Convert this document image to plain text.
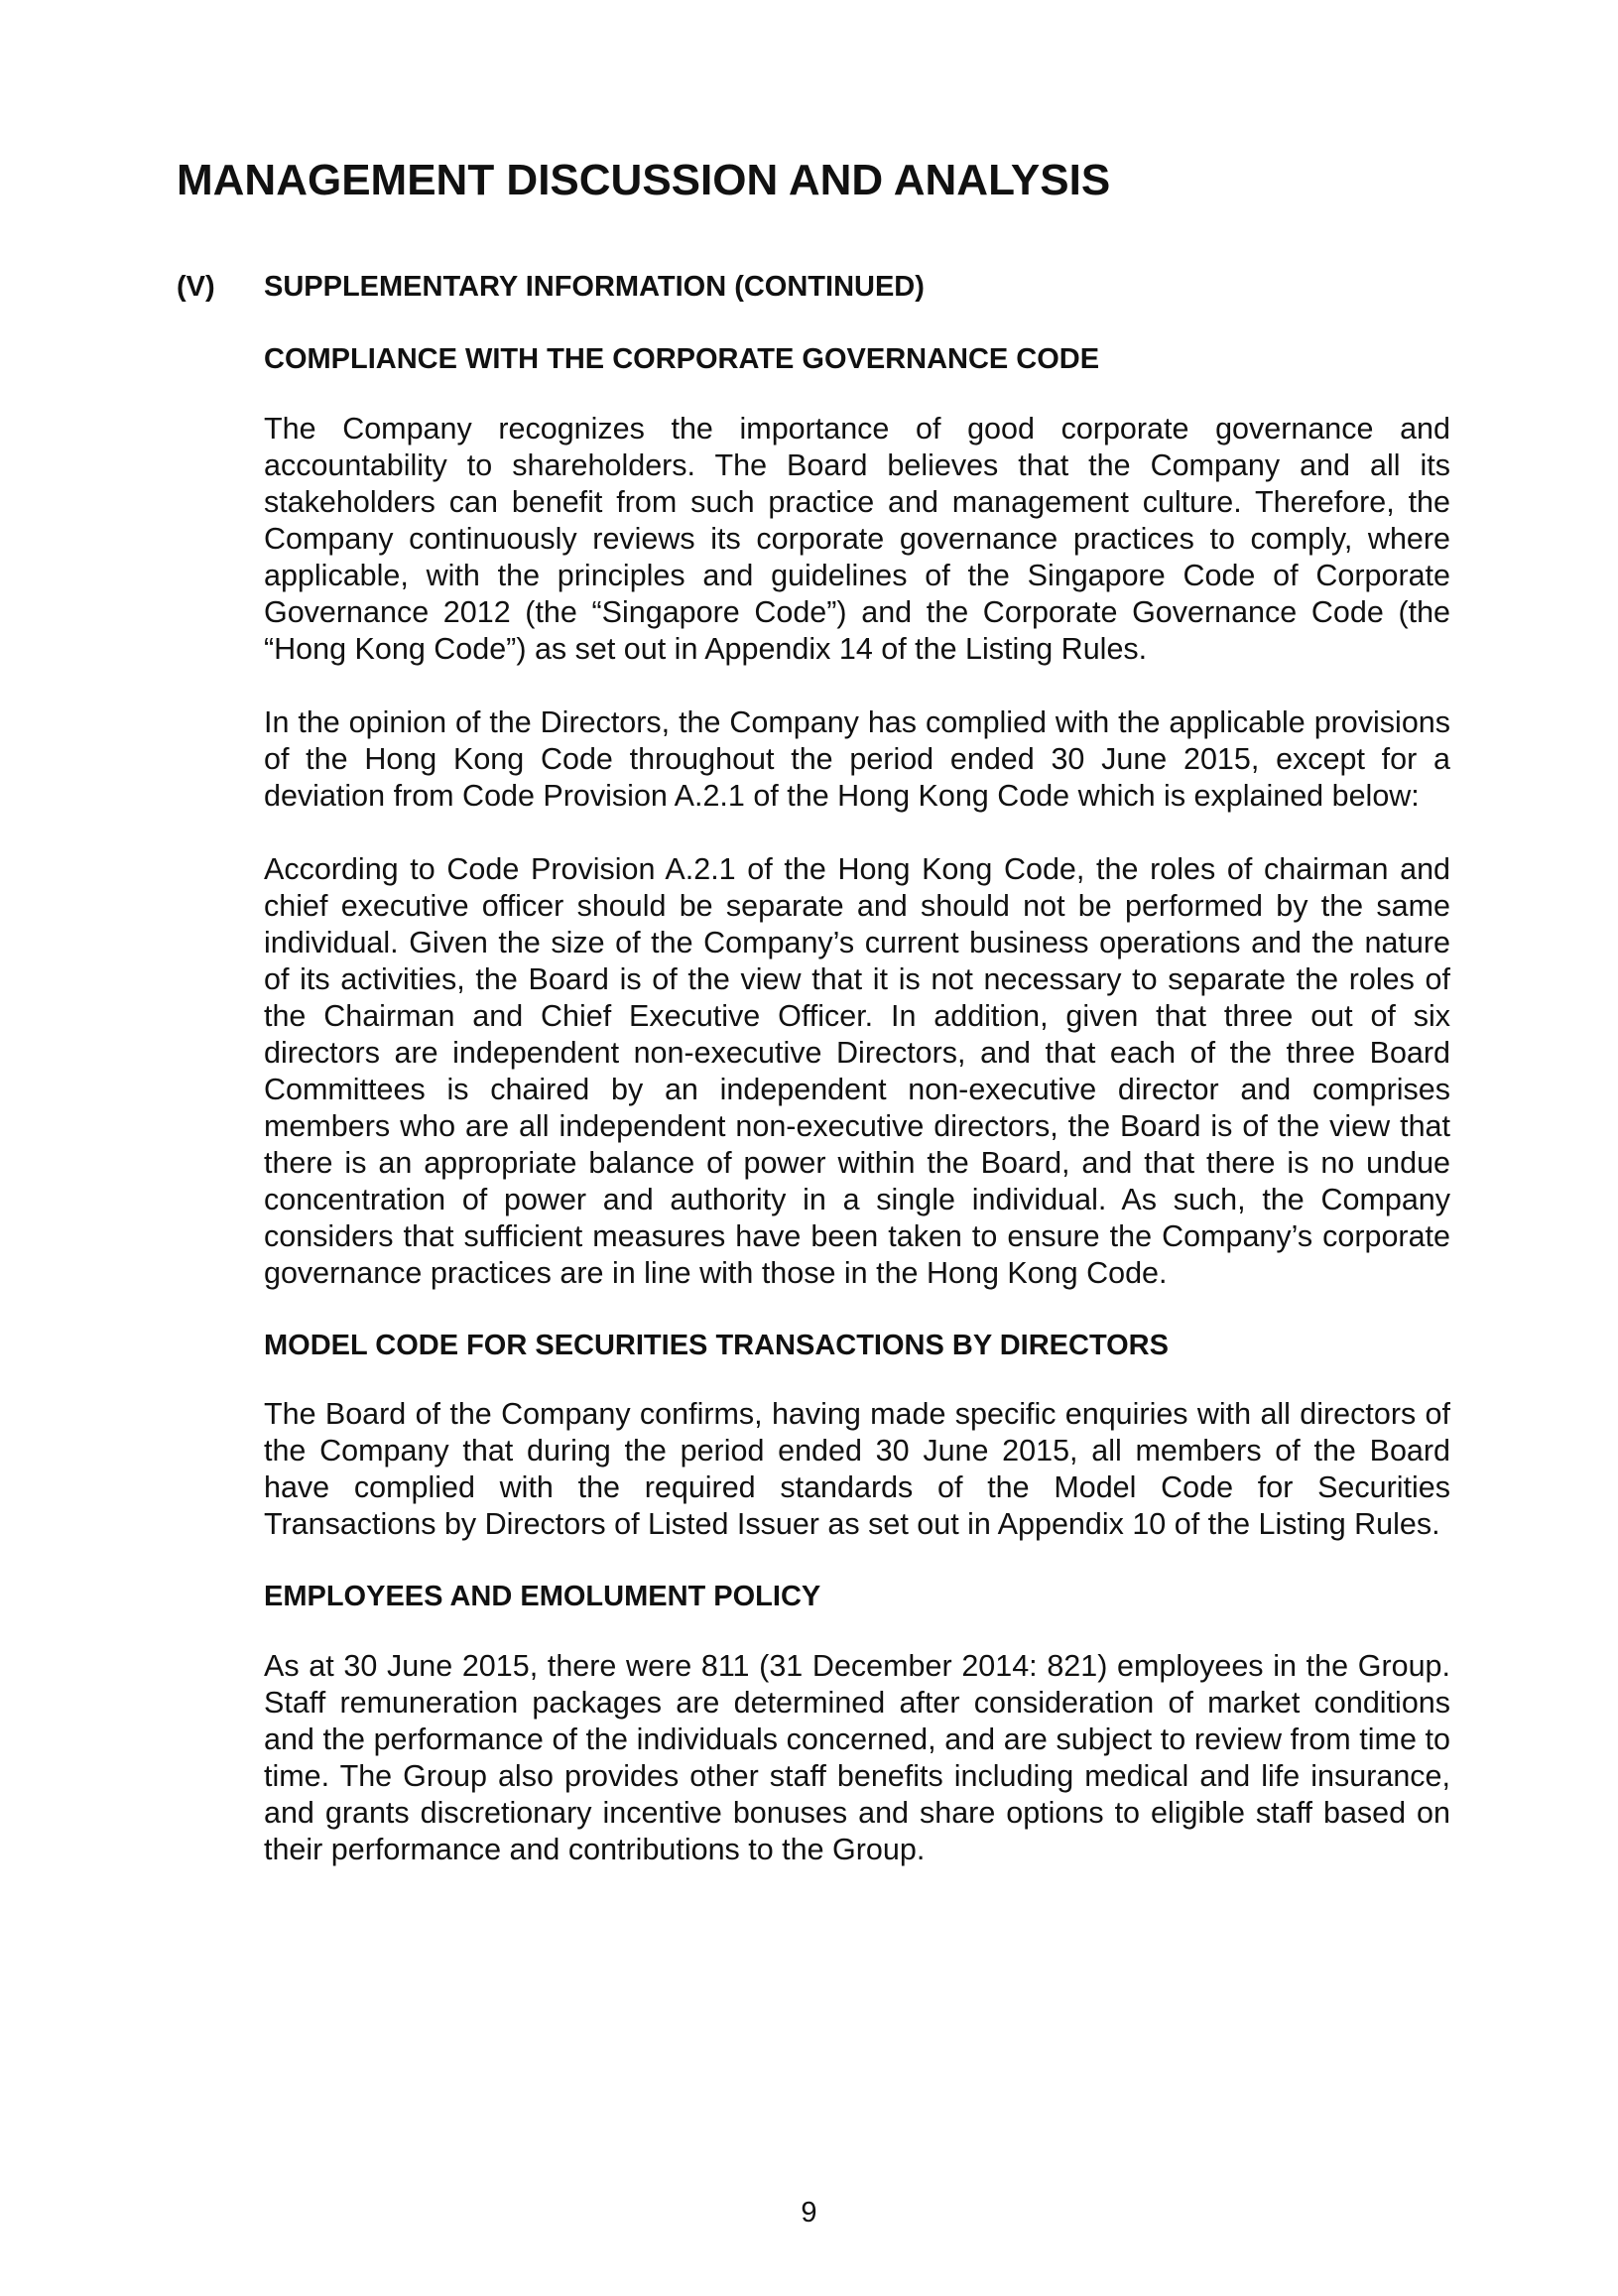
MANAGEMENT DISCUSSION AND ANALYSIS
(V) SUPPLEMENTARY INFORMATION (CONTINUED)
COMPLIANCE WITH THE CORPORATE GOVERNANCE CODE

The Company recognizes the importance of good corporate governance and accountability to shareholders. The Board believes that the Company and all its stakeholders can benefit from such practice and management culture. Therefore, the Company continuously reviews its corporate governance practices to comply, where applicable, with the principles and guidelines of the Singapore Code of Corporate Governance 2012 (the “Singapore Code”) and the Corporate Governance Code (the “Hong Kong Code”) as set out in Appendix 14 of the Listing Rules.

In the opinion of the Directors, the Company has complied with the applicable provisions of the Hong Kong Code throughout the period ended 30 June 2015, except for a deviation from Code Provision A.2.1 of the Hong Kong Code which is explained below:

According to Code Provision A.2.1 of the Hong Kong Code, the roles of chairman and chief executive officer should be separate and should not be performed by the same individual. Given the size of the Company’s current business operations and the nature of its activities, the Board is of the view that it is not necessary to separate the roles of the Chairman and Chief Executive Officer. In addition, given that three out of six directors are independent non-executive Directors, and that each of the three Board Committees is chaired by an independent non-executive director and comprises members who are all independent non-executive directors, the Board is of the view that there is an appropriate balance of power within the Board, and that there is no undue concentration of power and authority in a single individual. As such, the Company considers that sufficient measures have been taken to ensure the Company’s corporate governance practices are in line with those in the Hong Kong Code.

MODEL CODE FOR SECURITIES TRANSACTIONS BY DIRECTORS

The Board of the Company confirms, having made specific enquiries with all directors of the Company that during the period ended 30 June 2015, all members of the Board have complied with the required standards of the Model Code for Securities Transactions by Directors of Listed Issuer as set out in Appendix 10 of the Listing Rules.

EMPLOYEES AND EMOLUMENT POLICY

As at 30 June 2015, there were 811 (31 December 2014: 821) employees in the Group. Staff remuneration packages are determined after consideration of market conditions and the performance of the individuals concerned, and are subject to review from time to time. The Group also provides other staff benefits including medical and life insurance, and grants discretionary incentive bonuses and share options to eligible staff based on their performance and contributions to the Group.

9
